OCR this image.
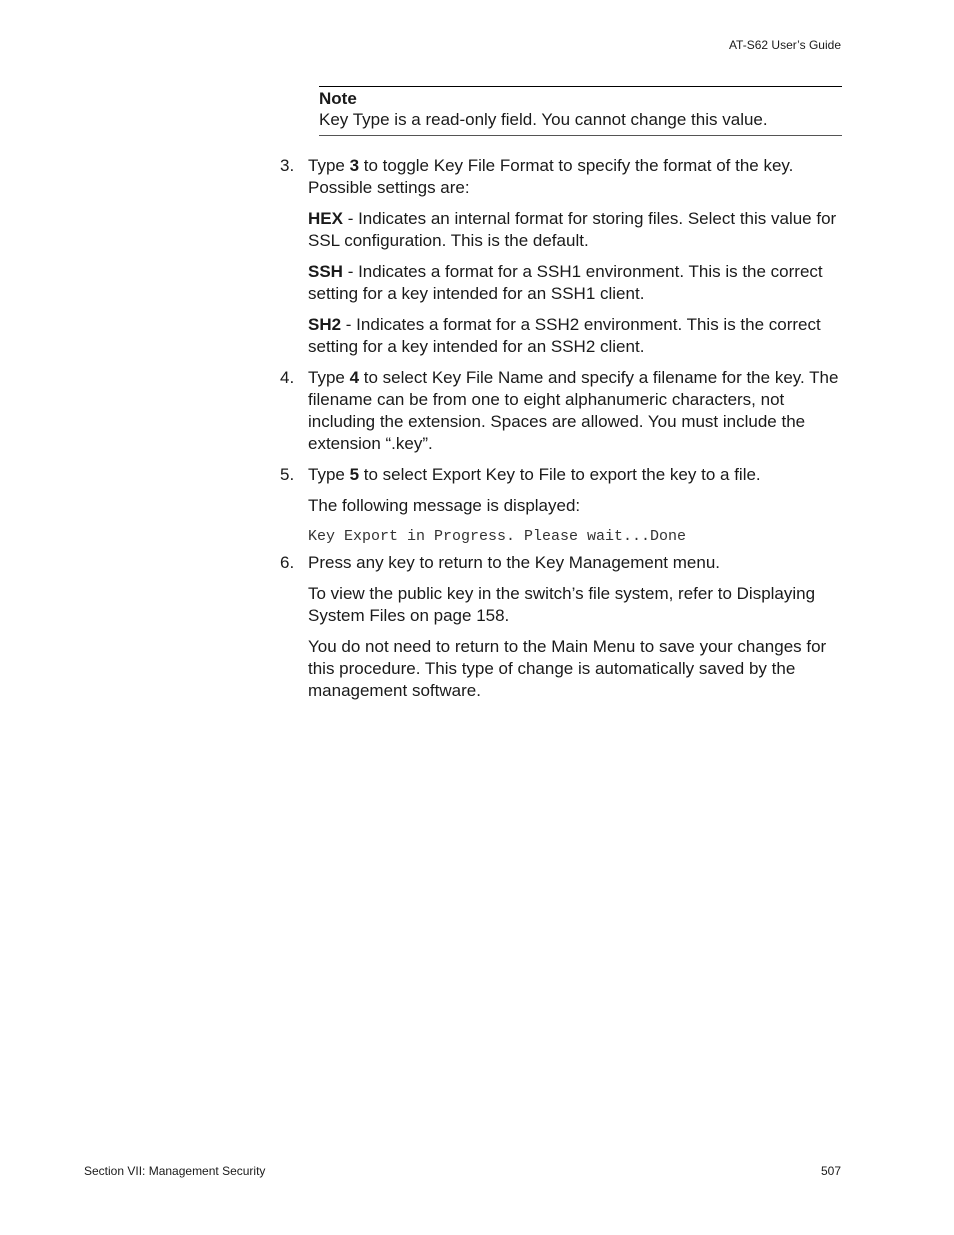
AT-S62 User’s Guide
Note
Key Type is a read-only field. You cannot change this value.
3. Type 3 to toggle Key File Format to specify the format of the key. Possible settings are:
HEX - Indicates an internal format for storing files. Select this value for SSL configuration. This is the default.
SSH - Indicates a format for a SSH1 environment. This is the correct setting for a key intended for an SSH1 client.
SH2 - Indicates a format for a SSH2 environment. This is the correct setting for a key intended for an SSH2 client.
4. Type 4 to select Key File Name and specify a filename for the key. The filename can be from one to eight alphanumeric characters, not including the extension. Spaces are allowed. You must include the extension “.key”.
5. Type 5 to select Export Key to File to export the key to a file.
The following message is displayed:
Key Export in Progress. Please wait...Done
6. Press any key to return to the Key Management menu.
To view the public key in the switch’s file system, refer to Displaying System Files on page 158.
You do not need to return to the Main Menu to save your changes for this procedure. This type of change is automatically saved by the management software.
Section VII: Management Security	507
